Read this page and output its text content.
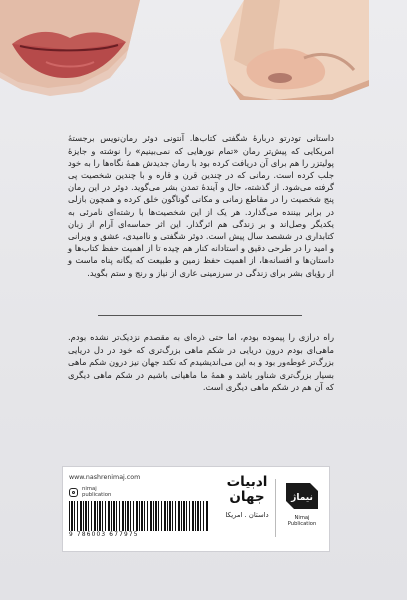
داستانی تودرتو دربارهٔ شگفتی کتاب‌ها. آنتونی دوئر رمان‌نویس برجستهٔ امریکایی که پیش‌تر رمان «تمام نورهایی که نمی‌بینیم» را نوشته و جایزهٔ پولیتزر را هم برای آن دریافت کرده بود با رمان جدیدش همهٔ نگاه‌ها را به خود جلب کرده است. رمانی که در چندین قرن و قاره و با چندین شخصیت پی گرفته می‌شود. از گذشته، حال و آیندهٔ تمدن بشر می‌گوید. دوئر در این رمان پنج شخصیت را در مقاطع زمانی و مکانی گوناگون خلق کرده و همچون بازلی در برابر بیننده می‌گذارد. هر یک از این شخصیت‌ها با رشته‌ای نامرئی به یکدیگر وصل‌اند و بر زندگی هم اثرگذار. این اثر حماسه‌ای آرام از زبان کتابداری در ششصد سال پیش است. دوئر شگفتی و ناامیدی، عشق و ویرانی و امید را در طرحی دقیق و استادانه کنار هم چیده تا از اهمیت حفظ کتاب‌ها و داستان‌ها و افسانه‌ها، از اهمیت حفظ زمین و طبیعت که یگانه پناه ماست و از رؤیای بشر برای زندگی در سرزمینی عاری از نیاز و رنج و ستم بگوید.

راه درازی را پیموده بودم، اما حتی ذره‌ای به مقصدم نزدیک‌تر نشده بودم. ماهی‌ای بودم درون دریایی در شکم ماهی بزرگ‌تری که خود در دل دریایی بزرگ‌تر غوطه‌ور بود و به این می‌اندیشیدم که نکند جهان نیز درون شکم ماهی بسیار بزرگ‌تری شناور باشد و همهٔ ما ماهیانی باشیم در شکم ماهی دیگری که آن هم در شکم ماهی دیگری است.

www.nashrenimaj.com
nimaj
publication
9 786003 677975
ادبیات
جهان
داستان . امریکا
نیماژ
Nimaj
Publication
